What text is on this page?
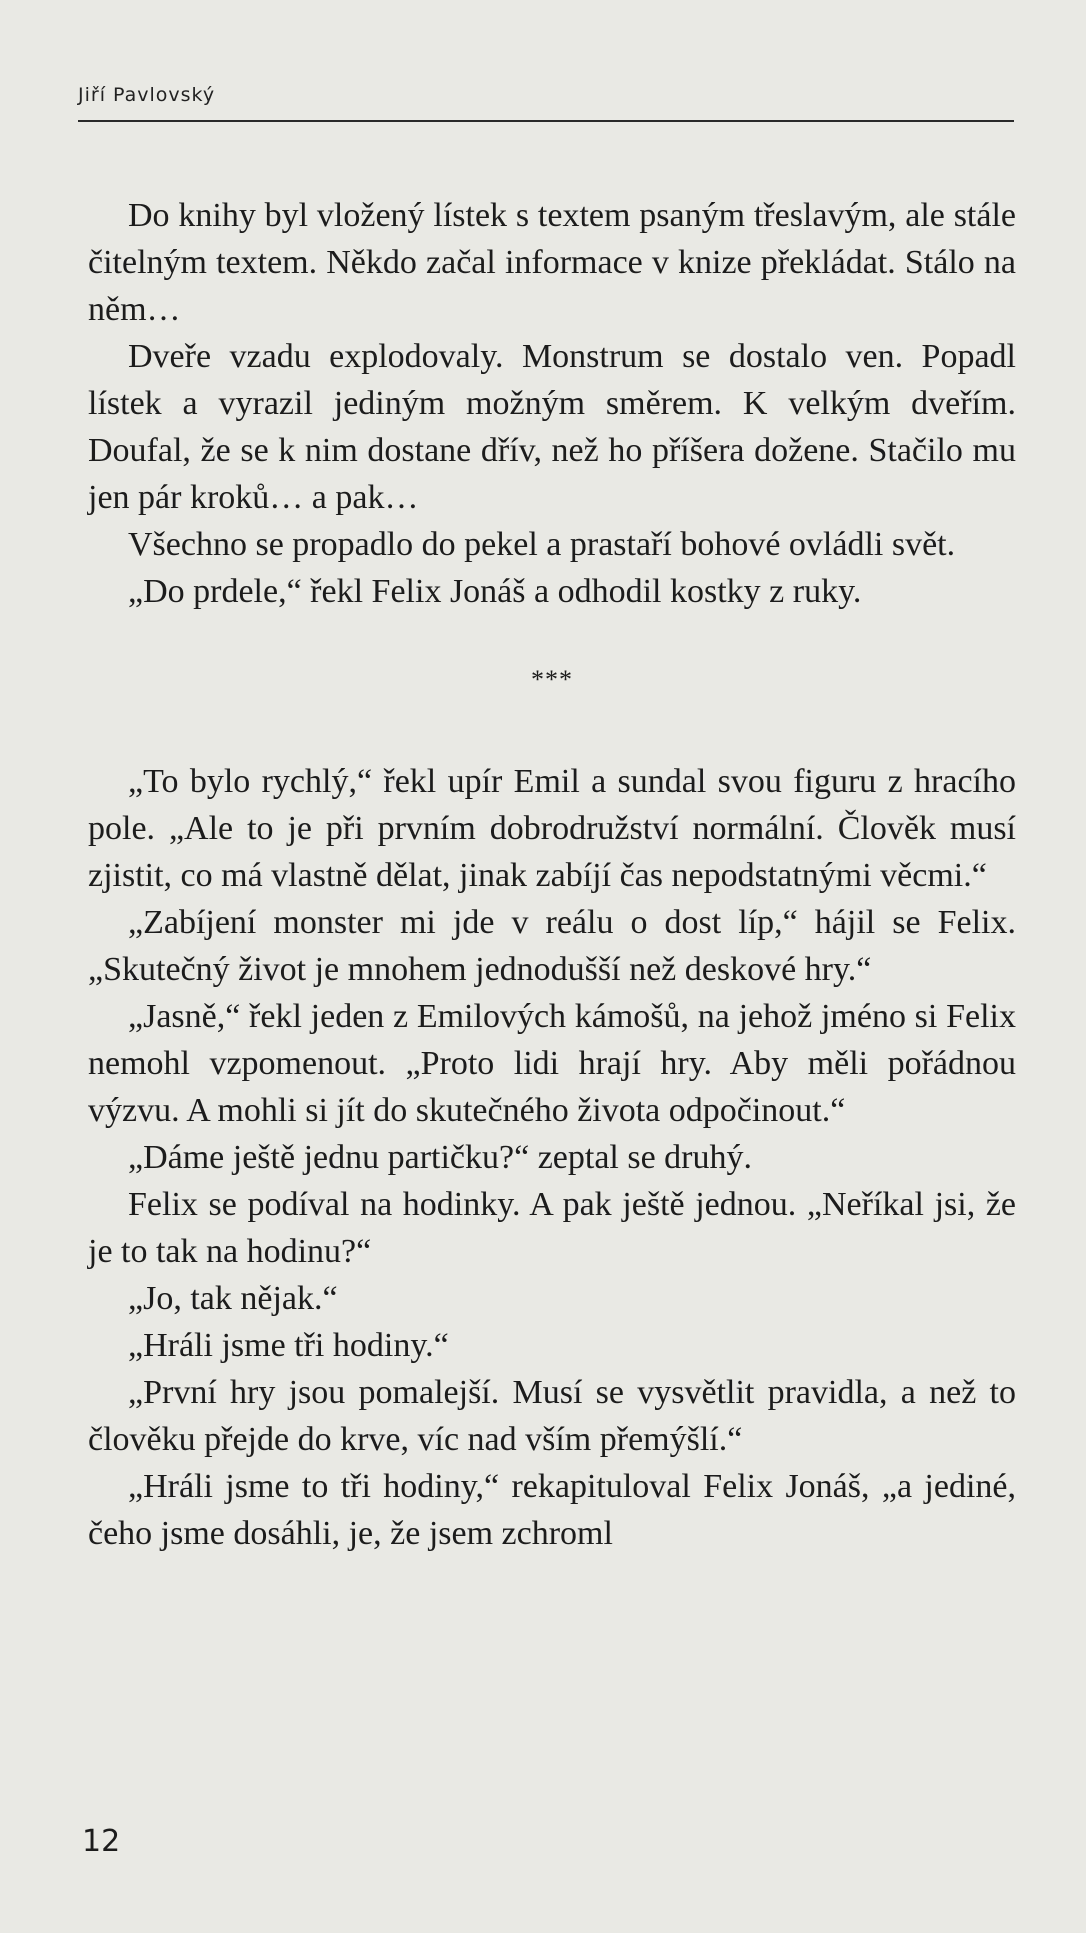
Jiří Pavlovský

Do knihy byl vložený lístek s textem psaným třeslavým, ale stále čitelným textem. Někdo začal informace v knize překládat. Stálo na něm…

Dveře vzadu explodovaly. Monstrum se dostalo ven. Popadl lístek a vyrazil jediným možným směrem. K velkým dveřím. Doufal, že se k nim dostane dřív, než ho příšera dožene. Stačilo mu jen pár kroků… a pak…

Všechno se propadlo do pekel a prastaří bohové ovládli svět.

„Do prdele,“ řekl Felix Jonáš a odhodil kostky z ruky.

***

„To bylo rychlý,“ řekl upír Emil a sundal svou figuru z hracího pole. „Ale to je při prvním dobrodružství normální. Člověk musí zjistit, co má vlastně dělat, jinak zabíjí čas nepodstatnými věcmi.“

„Zabíjení monster mi jde v reálu o dost líp,“ hájil se Felix. „Skutečný život je mnohem jednodušší než deskové hry.“

„Jasně,“ řekl jeden z Emilových kámošů, na jehož jméno si Felix nemohl vzpomenout. „Proto lidi hrají hry. Aby měli pořádnou výzvu. A mohli si jít do skutečného života odpočinout.“

„Dáme ještě jednu partičku?“ zeptal se druhý.

Felix se podíval na hodinky. A pak ještě jednou. „Neříkal jsi, že je to tak na hodinu?“

„Jo, tak nějak.“

„Hráli jsme tři hodiny.“

„První hry jsou pomalejší. Musí se vysvětlit pravidla, a než to člověku přejde do krve, víc nad vším přemýšlí.“

„Hráli jsme to tři hodiny,“ rekapituloval Felix Jonáš, „a jediné, čeho jsme dosáhli, je, že jsem zchroml

12
